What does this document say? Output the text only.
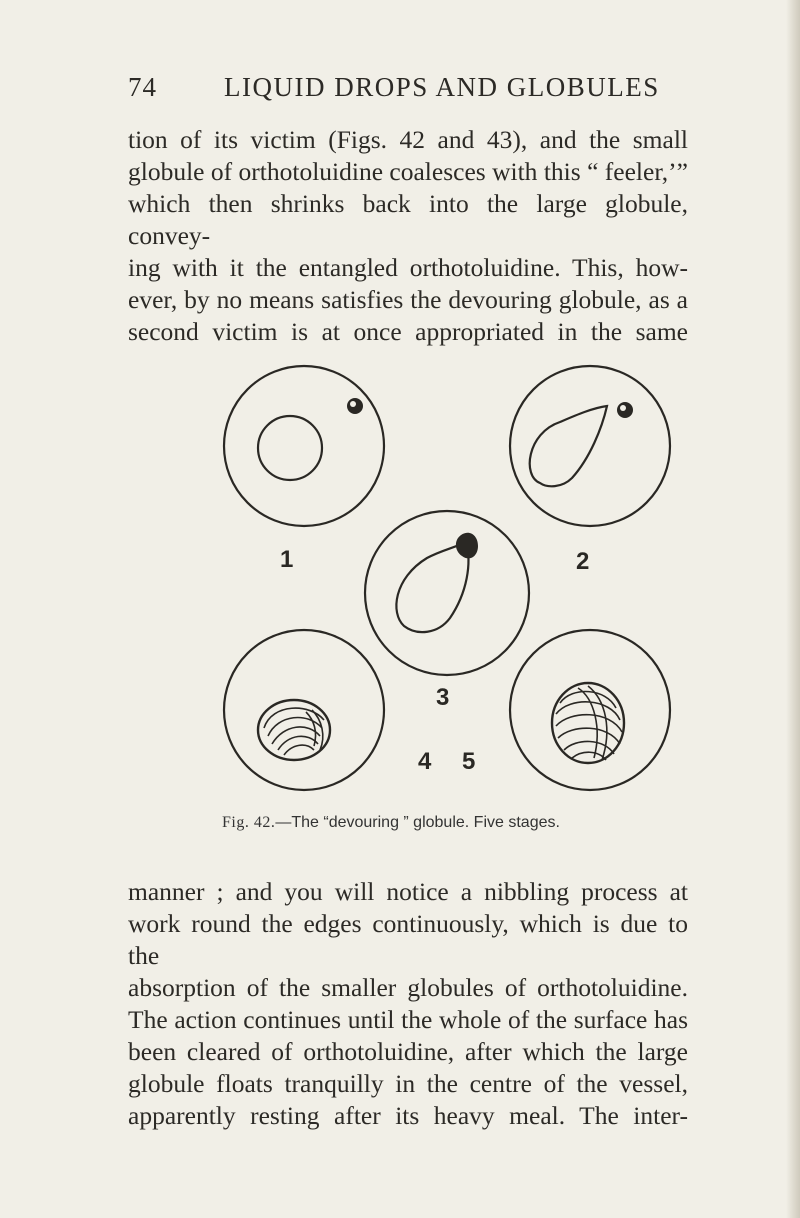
74 LIQUID DROPS AND GLOBULES

tion of its victim (Figs. 42 and 43), and the small
globule of orthotoluidine coalesces with this “ feeler,’”
which then shrinks back into the large globule, convey-
ing with it the entangled orthotoluidine. This, how-
ever, by no means satisfies the devouring globule, as a
second victim is at once appropriated in the same

1	2
3
4 5
Fig. 42.—The “devouring ” globule. Five stages.

manner ; and you will notice a nibbling process at
work round the edges continuously, which is due to the
absorption of the smaller globules of orthotoluidine.
The action continues until the whole of the surface has
been cleared of orthotoluidine, after which the large
globule floats tranquilly in the centre of the vessel,
apparently resting after its heavy meal. The inter-
